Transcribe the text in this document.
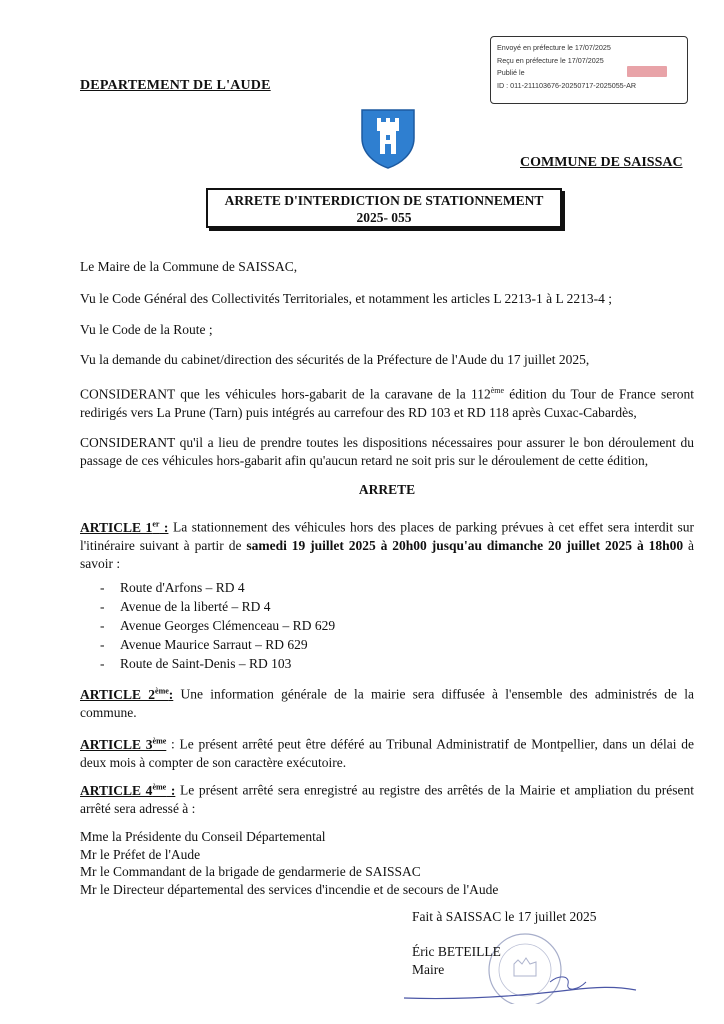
Envoyé en préfecture le 17/07/2025
Reçu en préfecture le 17/07/2025
Publié le
ID : 011-211103676-20250717-2025055-AR
DEPARTEMENT DE L'AUDE
COMMUNE DE SAISSAC
ARRETE D'INTERDICTION DE STATIONNEMENT
2025- 055
Le Maire de la Commune de SAISSAC,
Vu le Code Général des Collectivités Territoriales, et notamment les articles L 2213-1 à L 2213-4 ;
Vu le Code de la Route ;
Vu la demande du cabinet/direction des sécurités de la Préfecture de l'Aude du 17 juillet 2025,
CONSIDERANT que les véhicules hors-gabarit de la caravane de la 112ème édition du Tour de France seront redirigés vers La Prune (Tarn) puis intégrés au carrefour des RD 103 et RD 118 après Cuxac-Cabardès,
CONSIDERANT qu'il a lieu de prendre toutes les dispositions nécessaires pour assurer le bon déroulement du passage de ces véhicules hors-gabarit afin qu'aucun retard ne soit pris sur le déroulement de cette édition,
ARRETE
ARTICLE 1er : La stationnement des véhicules hors des places de parking prévues à cet effet sera interdit sur l'itinéraire suivant à partir de samedi 19 juillet 2025 à 20h00 jusqu'au dimanche 20 juillet 2025 à 18h00 à savoir :
-	Route d'Arfons – RD 4
-	Avenue de la liberté – RD 4
-	Avenue Georges Clémenceau – RD 629
-	Avenue Maurice Sarraut – RD 629
-	Route de Saint-Denis – RD 103
ARTICLE 2ème: Une information générale de la mairie sera diffusée à l'ensemble des administrés de la commune.
ARTICLE 3ème : Le présent arrêté peut être déféré au Tribunal Administratif de Montpellier, dans un délai de deux mois à compter de son caractère exécutoire.
ARTICLE 4ème : Le présent arrêté sera enregistré au registre des arrêtés de la Mairie et ampliation du présent arrêté sera adressé à :
Mme la Présidente du Conseil Départemental
Mr le Préfet de l'Aude
Mr le Commandant de la brigade de gendarmerie de SAISSAC
Mr le Directeur départemental des services d'incendie et de secours de l'Aude
Fait à SAISSAC le 17 juillet 2025
Éric BETEILLE
Maire
